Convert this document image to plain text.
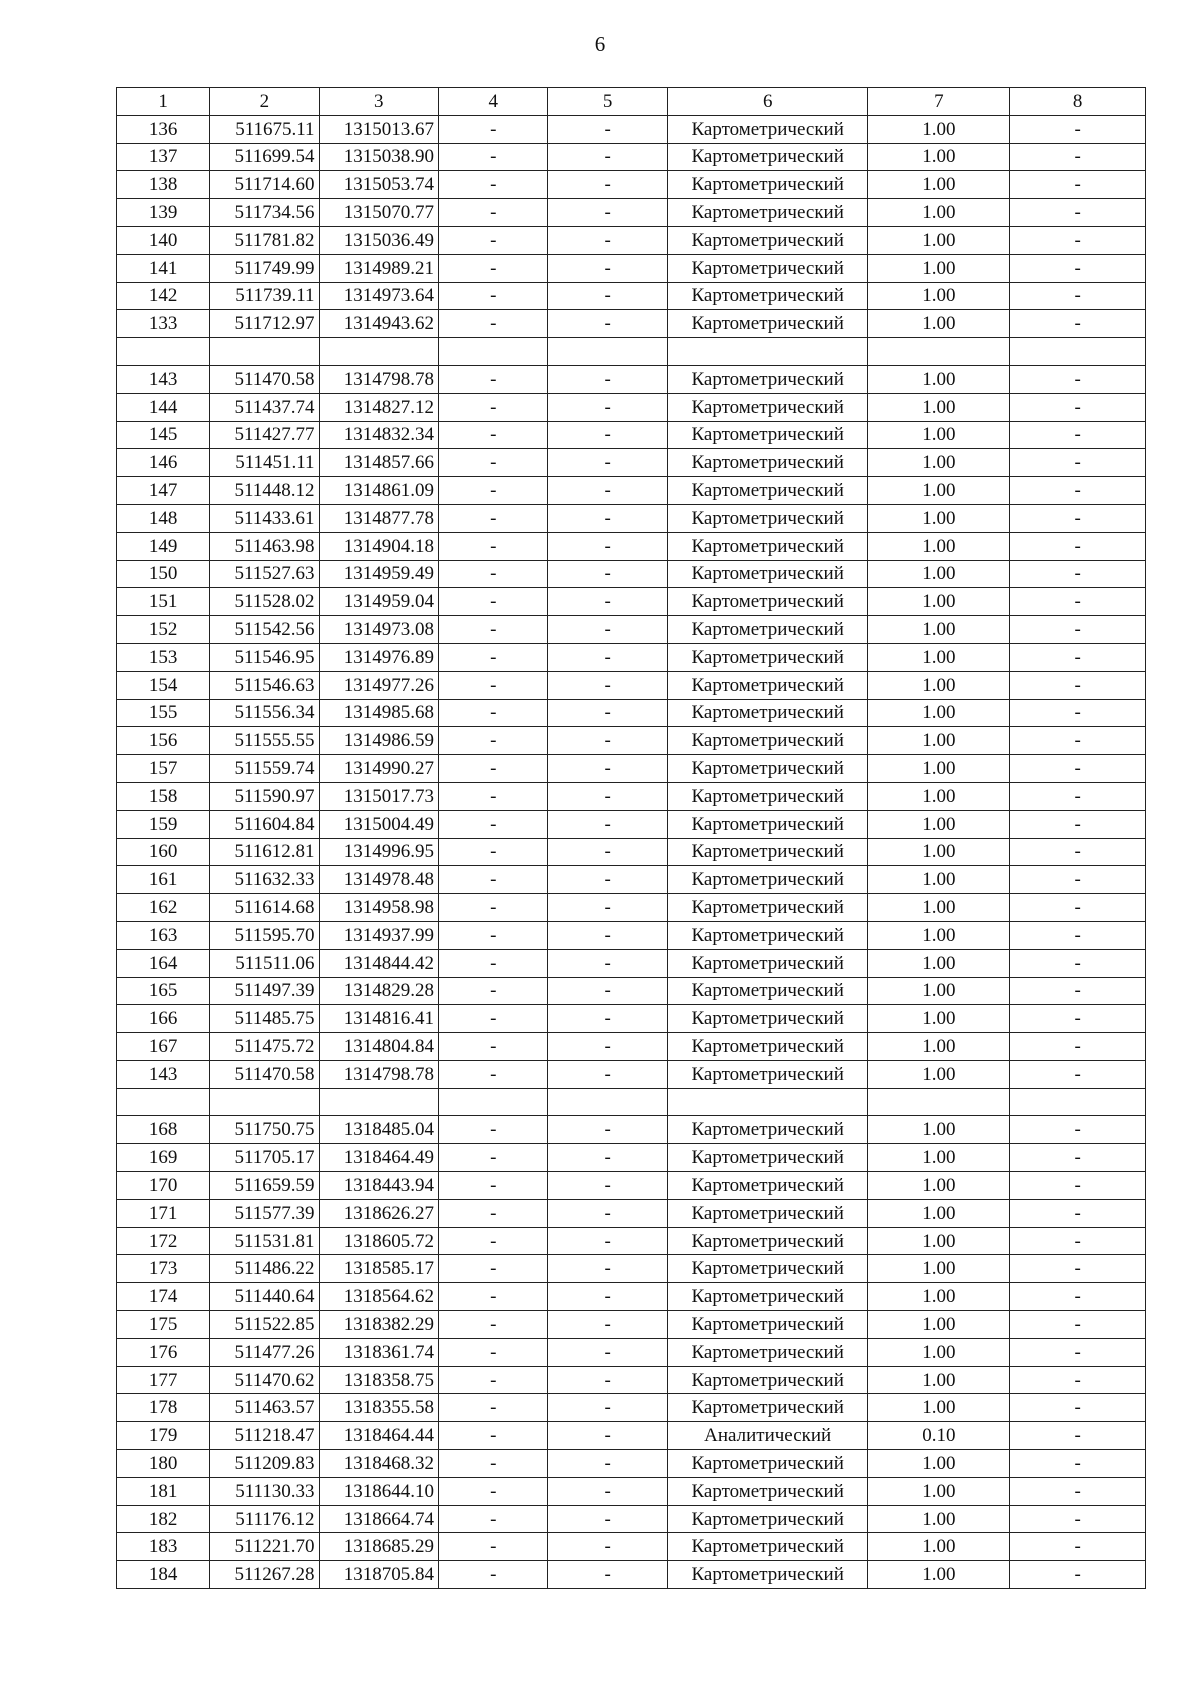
6
1	2	3	4	5	6	7	8
136	511675.11	1315013.67	-	-	Картометрический	1.00	-
137	511699.54	1315038.90	-	-	Картометрический	1.00	-
138	511714.60	1315053.74	-	-	Картометрический	1.00	-
139	511734.56	1315070.77	-	-	Картометрический	1.00	-
140	511781.82	1315036.49	-	-	Картометрический	1.00	-
141	511749.99	1314989.21	-	-	Картометрический	1.00	-
142	511739.11	1314973.64	-	-	Картометрический	1.00	-
133	511712.97	1314943.62	-	-	Картометрический	1.00	-

143	511470.58	1314798.78	-	-	Картометрический	1.00	-
144	511437.74	1314827.12	-	-	Картометрический	1.00	-
145	511427.77	1314832.34	-	-	Картометрический	1.00	-
146	511451.11	1314857.66	-	-	Картометрический	1.00	-
147	511448.12	1314861.09	-	-	Картометрический	1.00	-
148	511433.61	1314877.78	-	-	Картометрический	1.00	-
149	511463.98	1314904.18	-	-	Картометрический	1.00	-
150	511527.63	1314959.49	-	-	Картометрический	1.00	-
151	511528.02	1314959.04	-	-	Картометрический	1.00	-
152	511542.56	1314973.08	-	-	Картометрический	1.00	-
153	511546.95	1314976.89	-	-	Картометрический	1.00	-
154	511546.63	1314977.26	-	-	Картометрический	1.00	-
155	511556.34	1314985.68	-	-	Картометрический	1.00	-
156	511555.55	1314986.59	-	-	Картометрический	1.00	-
157	511559.74	1314990.27	-	-	Картометрический	1.00	-
158	511590.97	1315017.73	-	-	Картометрический	1.00	-
159	511604.84	1315004.49	-	-	Картометрический	1.00	-
160	511612.81	1314996.95	-	-	Картометрический	1.00	-
161	511632.33	1314978.48	-	-	Картометрический	1.00	-
162	511614.68	1314958.98	-	-	Картометрический	1.00	-
163	511595.70	1314937.99	-	-	Картометрический	1.00	-
164	511511.06	1314844.42	-	-	Картометрический	1.00	-
165	511497.39	1314829.28	-	-	Картометрический	1.00	-
166	511485.75	1314816.41	-	-	Картометрический	1.00	-
167	511475.72	1314804.84	-	-	Картометрический	1.00	-
143	511470.58	1314798.78	-	-	Картометрический	1.00	-

168	511750.75	1318485.04	-	-	Картометрический	1.00	-
169	511705.17	1318464.49	-	-	Картометрический	1.00	-
170	511659.59	1318443.94	-	-	Картометрический	1.00	-
171	511577.39	1318626.27	-	-	Картометрический	1.00	-
172	511531.81	1318605.72	-	-	Картометрический	1.00	-
173	511486.22	1318585.17	-	-	Картометрический	1.00	-
174	511440.64	1318564.62	-	-	Картометрический	1.00	-
175	511522.85	1318382.29	-	-	Картометрический	1.00	-
176	511477.26	1318361.74	-	-	Картометрический	1.00	-
177	511470.62	1318358.75	-	-	Картометрический	1.00	-
178	511463.57	1318355.58	-	-	Картометрический	1.00	-
179	511218.47	1318464.44	-	-	Аналитический	0.10	-
180	511209.83	1318468.32	-	-	Картометрический	1.00	-
181	511130.33	1318644.10	-	-	Картометрический	1.00	-
182	511176.12	1318664.74	-	-	Картометрический	1.00	-
183	511221.70	1318685.29	-	-	Картометрический	1.00	-
184	511267.28	1318705.84	-	-	Картометрический	1.00	-
